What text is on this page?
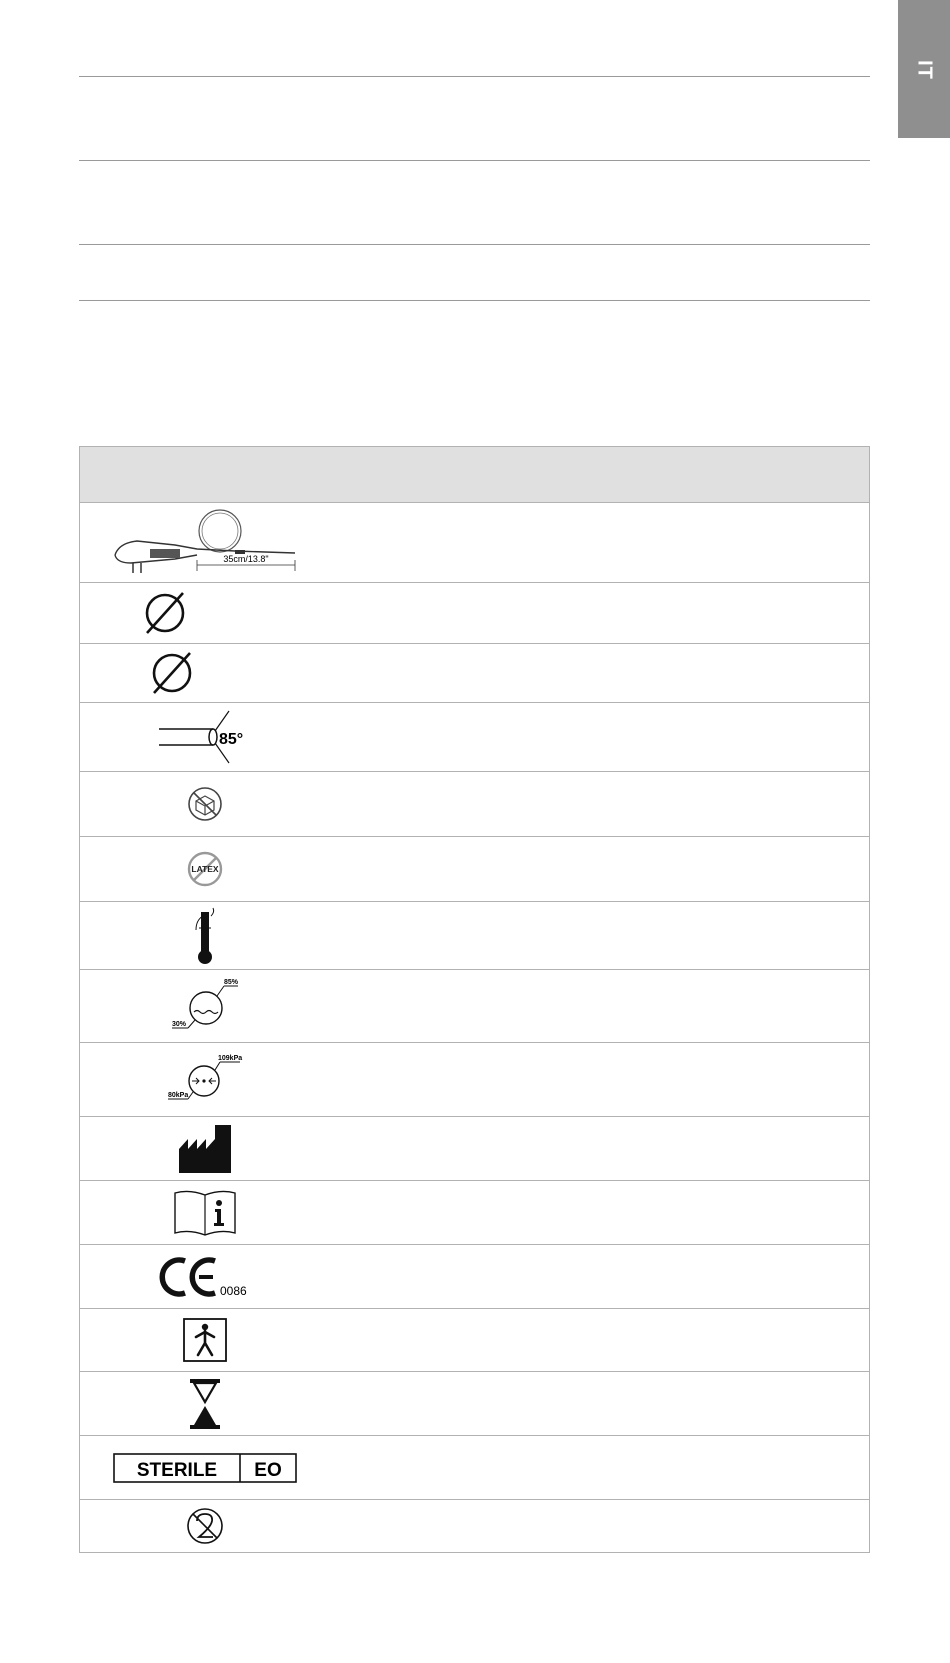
IT
35cm/13.8"
85°
LATEX
85%
30%
109kPa
80kPa
0086
STERILE EO
